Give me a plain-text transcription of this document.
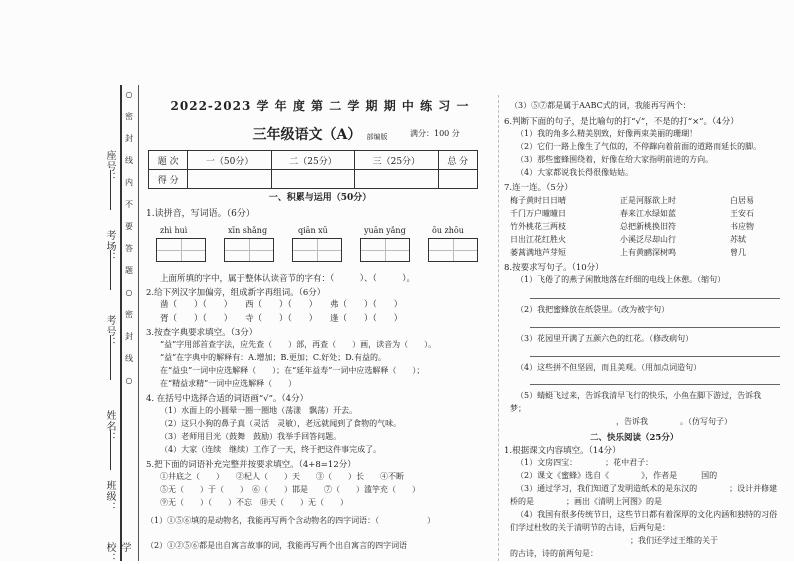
座号：
考场：
考号：
姓名：
班级：
学校：
○
密
封
线
内
不
要
答
题
○
密
封
线
○
2022-2023 学 年 度 第 二 学 期 期 中 练 习 一
三年级语文（A） 部编版	满分：100 分
题 次	一（50分）	二（25分）	三（25分）	总 分
得 分				
一、积累与运用（50分）
1.读拼音，写词语。（6分）
zhì huì	xīn shǎng	qiān xū	yuān yǎng	ōu zhōu
上面所填的字中，属于整体认读音节的字有：（　　　）、（　　　）。
2.给下列汉字加偏旁，组成新字再组词。（6分）
凿（　　）（　　）　　西（　　）（　　）　　弗（　　）（　　）
胥（　　）（　　）　　寺（　　）（　　）　　逢（　　）（　　）
3.按查字典要求填空。（3分）
“益”字用部首查字法，应先查（　　）部，再查（　　）画，读音为（　　）。
“益”在字典中的解释有：A.增加；B.更加；C.好处；D.有益的。
在“益虫”一词中应选解释（　　）；在“延年益寿”一词中应选解释（　　）；
在“精益求精”一词中应选解释（　　）
4. 在括号中选择合适的词语画“√”。（4分）
（1）水面上的小圆晕一圈一圈地（荡漾　飘荡）开去。
（2）这只小狗的鼻子真（灵活　灵敏），老远就闻到了食物的气味。
（3）老师用目光（鼓舞　鼓励）我举手回答问题。
（4）大家（连续　继续）工作了一天，终于把这件事完成了。
5.把下面的词语补充完整并按要求填空。（4+8=12分）
①井底之（　　）　　②杞人（　　）天　　③（　　）长　　④不断
⑤无（　　）于（　　）　⑥（　　）邯是　　⑦（　　）滥竽充（　　）
⑨无（　　）（　　）不忘　⑩天（　　）无（　　）
（1）①⑤⑥填的是动物名，我能再写两个含动物名的四字词语：（　　　　　　）
（2）①②⑤⑥都是出自寓言故事的词，我能再写两个出自寓言的四字词语
（3）⑤⑦都是属于AABC式的词，我能再写两个：
6.判断下面的句子，是比喻句的打“√”，不是的打“×”。（4分）
（1）我的角多么精美别致，好像两束美丽的珊瑚！
（2）它们一路上像生了气似的，不停蹿向着前面的道路而延长的脚。
（3）那些蜜蜂围绕着，好像在给大家指明前进的方向。
（4）大家都说我长得很像姑姑。
7.连一连。（5分）
梅子黄时日日晴	正是河豚欲上时	白居易
千门万户曈曈日	春来江水绿如蓝	王安石
竹外桃花三两枝	总把新桃换旧符	书应物
日出江花红胜火	小溪泛尽却山行	苏轼
萎蒿满地芦芽短	上有黄鹂深树鸣	曾几
8.按要求写句子。（10分）
（1）飞倦了的燕子闲散地落在纤细的电线上休憩。（缩句）
（2）我把蜜蜂放在纸袋里。（改为被字句）
（3）花园里开满了五颜六色的红花。（修改病句）
（4）这些拼不但坚固，而且美观。（用加点词造句）
（5）蜻蜓飞过来，告诉我清早飞行的快乐，小鱼在脚下游过，告诉我
梦；
，告诉我　　　　。（仿写句子）
二、快乐阅读（25分）
1.根据课文内容填空。（14分）
（1）文房四宝：　　　　；花中君子：　　　　
（2）课文《蜜蜂》选自《　　　　》，作者是　　　国的
（3）通过学习，我们知道了发明造纸术的是东汉的　　　　；设计并修建
桥的是　　　　；画出《清明上河图》的是　　　　
（4）我国有很多传统节日，这些节日都有着深厚的文化内涵和独特的习俗
们学过杜牧的关于清明节的古诗，后两句是：
　　　　　　　　　　　　　　　；我们还学过王维的关于
的古诗，诗的前两句是：
